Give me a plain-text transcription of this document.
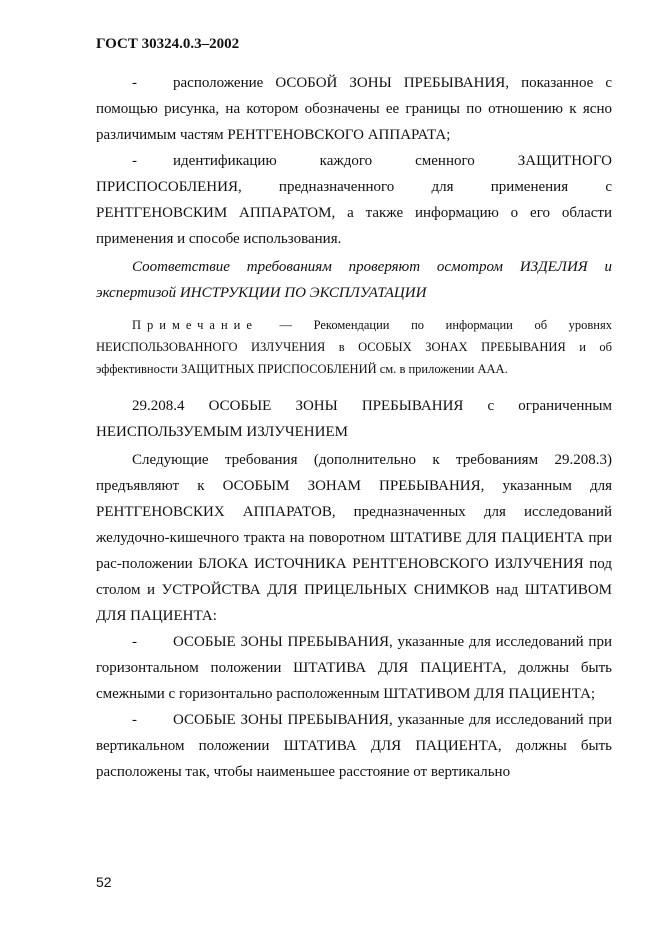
ГОСТ 30324.0.3–2002

- расположение ОСОБОЙ ЗОНЫ ПРЕБЫВАНИЯ, показанное с помощью рисунка, на котором обозначены ее границы по отношению к ясно различимым частям РЕНТГЕНОВСКОГО АППАРАТА;

- идентификацию каждого сменного ЗАЩИТНОГО ПРИСПОСОБЛЕНИЯ, предназначенного для применения с РЕНТГЕНОВСКИМ АППАРАТОМ, а также информацию о его области применения и способе использования.

Соответствие требованиям проверяют осмотром ИЗДЕЛИЯ и экспертизой ИНСТРУКЦИИ ПО ЭКСПЛУАТАЦИИ

Примечание — Рекомендации по информации об уровнях НЕИСПОЛЬЗОВАННОГО ИЗЛУЧЕНИЯ в ОСОБЫХ ЗОНАХ ПРЕБЫВАНИЯ и об эффективности ЗАЩИТНЫХ ПРИСПОСОБЛЕНИЙ см. в приложении ААА.

29.208.4 ОСОБЫЕ ЗОНЫ ПРЕБЫВАНИЯ с ограниченным НЕИСПОЛЬЗУЕМЫМ ИЗЛУЧЕНИЕМ

Следующие требования (дополнительно к требованиям 29.208.3) предъявляют к ОСОБЫМ ЗОНАМ ПРЕБЫВАНИЯ, указанным для РЕНТГЕНОВСКИХ АППАРАТОВ, предназначенных для исследований желудочно-кишечного тракта на поворотном ШТАТИВЕ ДЛЯ ПАЦИЕНТА при рас-положении БЛОКА ИСТОЧНИКА РЕНТГЕНОВСКОГО ИЗЛУЧЕНИЯ под столом и УСТРОЙСТВА ДЛЯ ПРИЦЕЛЬНЫХ СНИМКОВ над ШТАТИВОМ ДЛЯ ПАЦИЕНТА:

- ОСОБЫЕ ЗОНЫ ПРЕБЫВАНИЯ, указанные для исследований при горизонтальном положении ШТАТИВА ДЛЯ ПАЦИЕНТА, должны быть смежными с горизонтально расположенным ШТАТИВОМ ДЛЯ ПАЦИЕНТА;

- ОСОБЫЕ ЗОНЫ ПРЕБЫВАНИЯ, указанные для исследований при вертикальном положении ШТАТИВА ДЛЯ ПАЦИЕНТА, должны быть расположены так, чтобы наименьшее расстояние от вертикально

52
